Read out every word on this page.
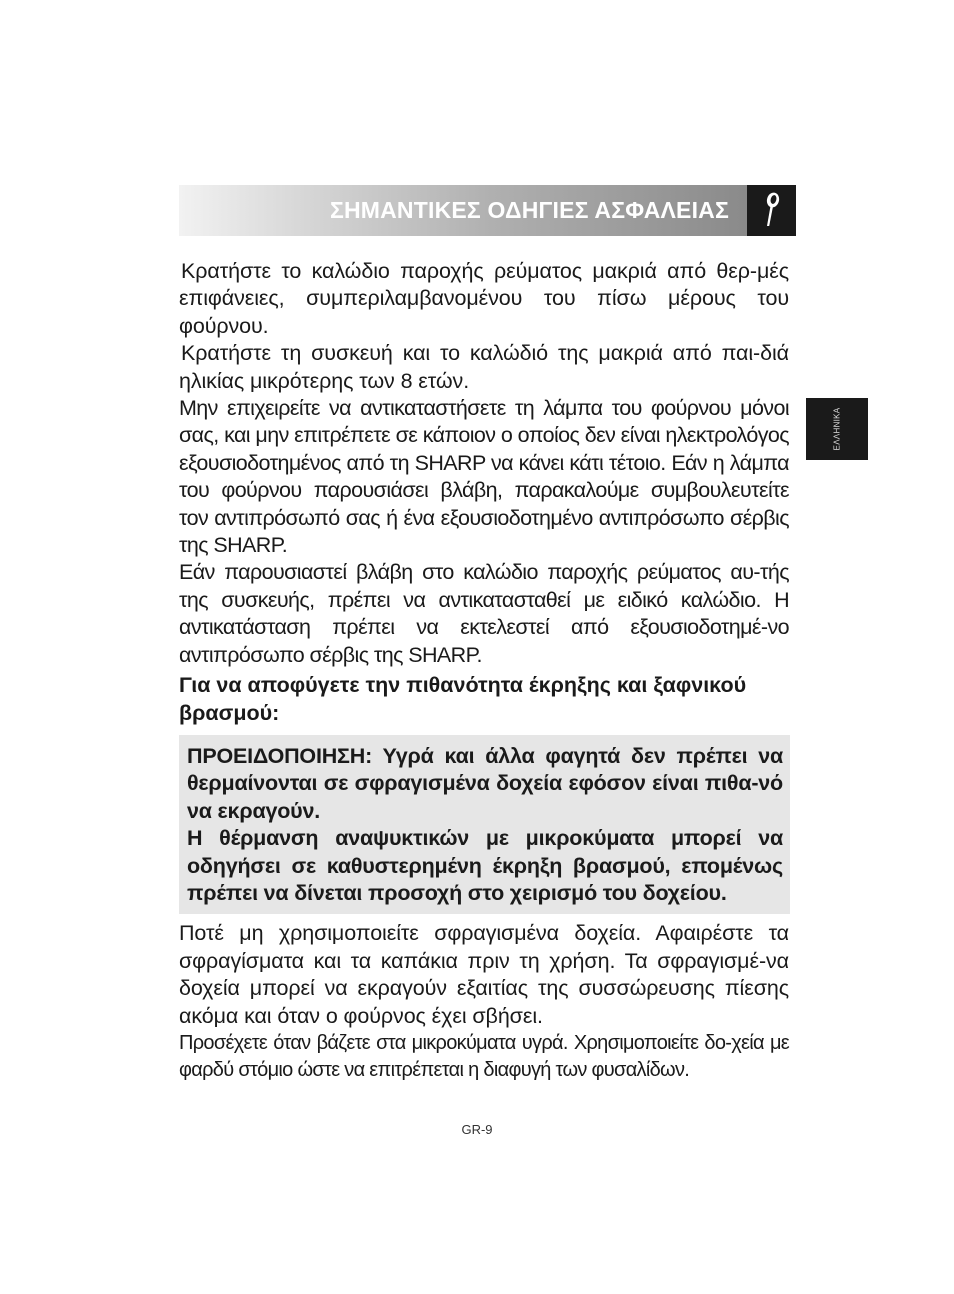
ΣΗΜΑΝΤΙΚΕΣ ΟΔΗΓΙΕΣ ΑΣΦΑΛΕΙΑΣ
ΕΛΛΗΝΙΚΑ

Κρατήστε το καλώδιο παροχής ρεύματος μακριά από θερ-μές επιφάνειες, συμπεριλαμβανομένου του πίσω μέρους του φούρνου.

Κρατήστε τη συσκευή και το καλώδιό της μακριά από παι-διά ηλικίας μικρότερης των 8 ετών.

Μην επιχειρείτε να αντικαταστήσετε τη λάμπα του φούρνου μόνοι σας, και μην επιτρέπετε σε κάποιον ο οποίος δεν είναι ηλεκτρολόγος εξουσιοδοτημένος από τη SHARP να κάνει κάτι τέτοιο. Εάν η λάμπα του φούρνου παρουσιάσει βλάβη, παρακαλούμε συμβουλευτείτε τον αντιπρόσωπό σας ή ένα εξουσιοδοτημένο αντιπρόσωπο σέρβις της SHARP.

Εάν παρουσιαστεί βλάβη στο καλώδιο παροχής ρεύματος αυ-τής της συσκευής, πρέπει να αντικατασταθεί με ειδικό καλώδιο. Η αντικατάσταση πρέπει να εκτελεστεί από εξουσιοδοτημέ-νο αντιπρόσωπο σέρβις της SHARP.

Για να αποφύγετε την πιθανότητα έκρηξης και ξαφνικού βρασμού:

ΠΡΟΕΙΔΟΠΟΙΗΣΗ: Υγρά και άλλα φαγητά δεν πρέπει να θερμαίνονται σε σφραγισμένα δοχεία εφόσον είναι πιθα-νό να εκραγούν.

Η θέρμανση αναψυκτικών με μικροκύματα μπορεί να οδηγήσει σε καθυστερημένη έκρηξη βρασμού, επομένως πρέπει να δίνεται προσοχή στο χειρισμό του δοχείου.

Ποτέ μη χρησιμοποιείτε σφραγισμένα δοχεία. Αφαιρέστε τα σφραγίσματα και τα καπάκια πριν τη χρήση. Τα σφραγισμέ-να δοχεία μπορεί να εκραγούν εξαιτίας της συσσώρευσης πίεσης ακόμα και όταν ο φούρνος έχει σβήσει.

Προσέχετε όταν βάζετε στα μικροκύματα υγρά. Χρησιμοποιείτε δο-χεία με φαρδύ στόμιο ώστε να επιτρέπεται η διαφυγή των φυσαλίδων.

GR-9
